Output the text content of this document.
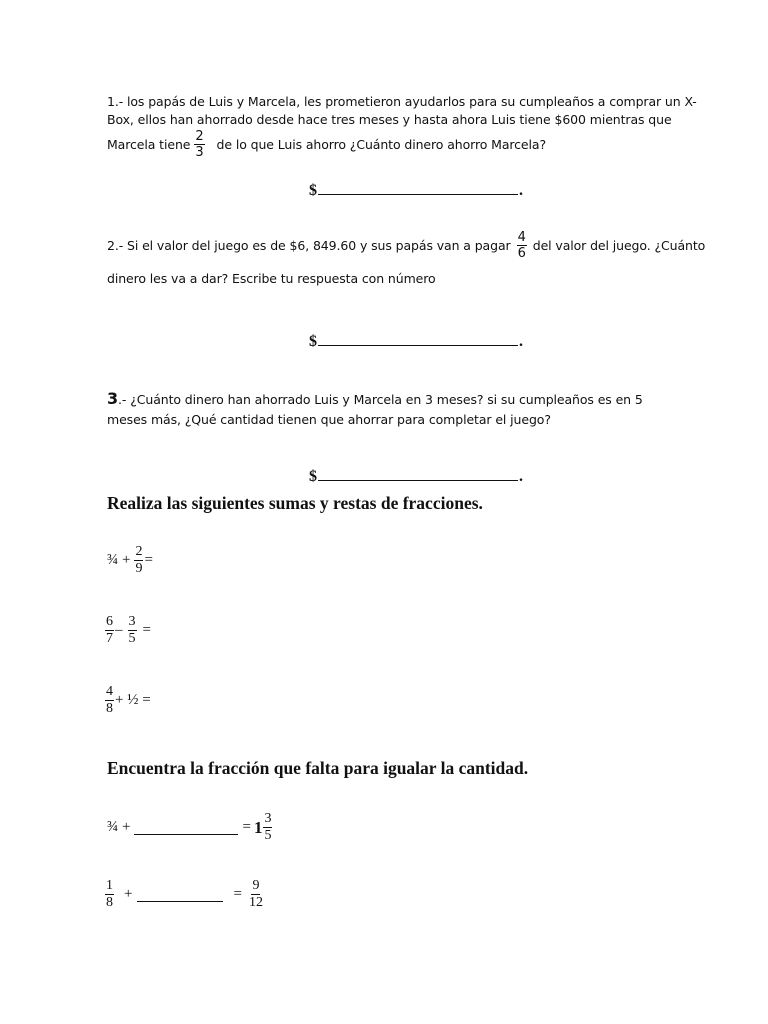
1.- los papás de Luis y Marcela, les prometieron ayudarlos para su cumpleaños a comprar un X-
Box, ellos han ahorrado desde hace tres meses y hasta ahora Luis tiene $600 mientras que
Marcela tiene $\frac{2}{3}$ de lo que Luis ahorro ¿Cuánto dinero ahorro Marcela?
$	.
2.- Si el valor del juego es de $6, 849.60 y sus papás van a pagar $\frac{4}{6}$ del valor del juego. ¿Cuánto
dinero les va a dar? Escribe tu respuesta con número
$	.
3.- ¿Cuánto dinero han ahorrado Luis y Marcela en 3 meses? si su cumpleaños es en 5
meses más, ¿Qué cantidad tienen que ahorrar para completar el juego?
$	.
Realiza las siguientes sumas y restas de fracciones.
¾ + $\frac{2}{9}$ =
$\frac{6}{7} - \frac{3}{5}$ =
$\frac{4}{8}$ + ½ =
Encuentra la fracción que falta para igualar la cantidad.
¾ +	= $1 \frac{3}{5}$
$\frac{1}{8}$ +	= $\frac{9}{12}$
